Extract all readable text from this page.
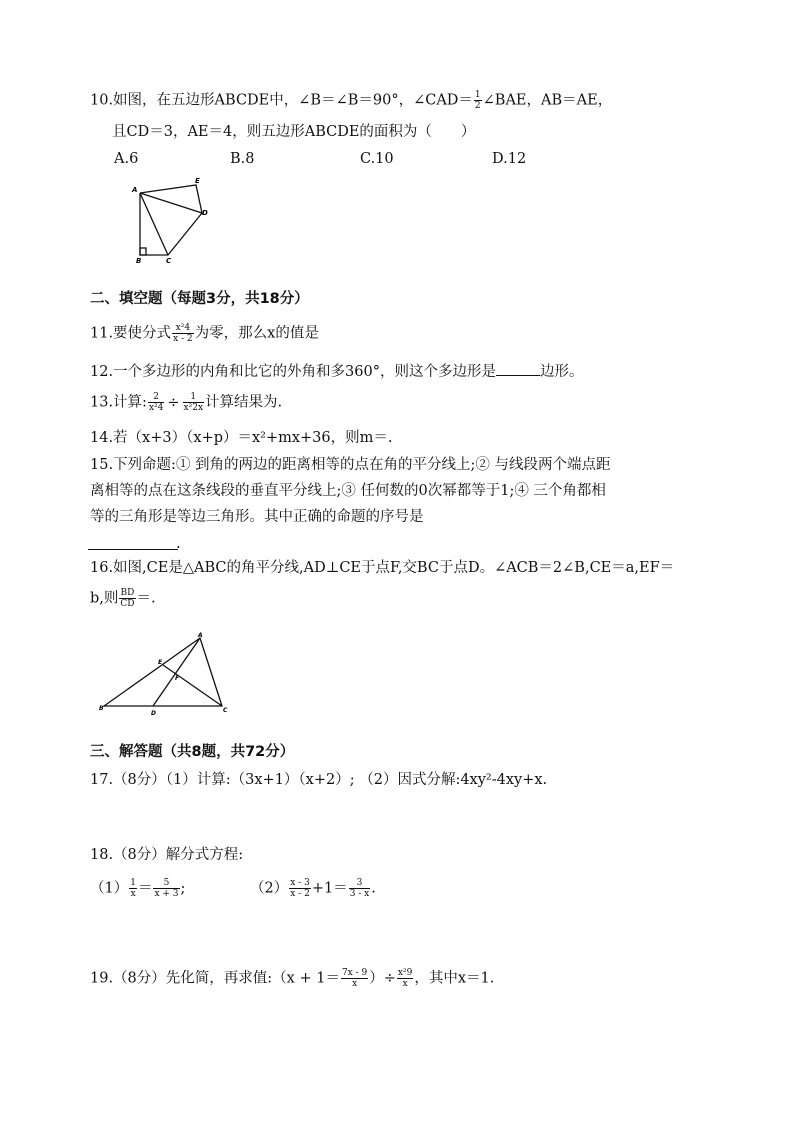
10.如图，在五边形ABCDE中，∠B＝∠B＝90°，∠CAD＝ $\frac{1}{2}$ ∠BAE，AB＝AE，
且CD＝3，AE＝4，则五边形ABCDE的面积为（　　）
A.6	B.8	C.10	D.12
A
E
D
B	C
二、填空题（每题3分，共18分）
11.要使分式 $\frac{\text{x²4}}{x - 2}$ 为零，那么x的值是
12.一个多边形的内角和比它的外角和多360°，则这个多边形是	边形。
13.计算: $\frac{2}{\text{x²4}} \div \frac{1}{\text{x²2x}}$ 计算结果为.
14.若（x+3）（x+p）＝x²+mx+36，则m＝.
15.下列命题:① 到角的两边的距离相等的点在角的平分线上;② 与线段两个端点距
离相等的点在这条线段的垂直平分线上;③ 任何数的0次幂都等于1;④ 三个角都相
等的三角形是等边三角形。其中正确的命题的序号是
.
16.如图,CE是△ABC的角平分线,AD⊥CE于点F,交BC于点D。∠ACB＝2∠B,CE＝a,EF＝
b,则 $\frac{BD}{CD}$ ＝.
A
E
F
B
D	C
三、解答题（共8题，共72分）
17.（8分）（1）计算:（3x+1）（x+2）; （2）因式分解:4xy²-4xy+x.
18.（8分）解分式方程:
$(1) \frac{1}{x} = \frac{5}{x + 3}$ ;	$(2) \frac{x - 3}{x - 2} +1= \frac{3}{3 - x}$ .
19.（8分）先化简，再求值:（x + $1= \frac{7x - 9}{x}$ ）÷ $\frac{\text{x²9}}{x}$ ，其中x＝1.
